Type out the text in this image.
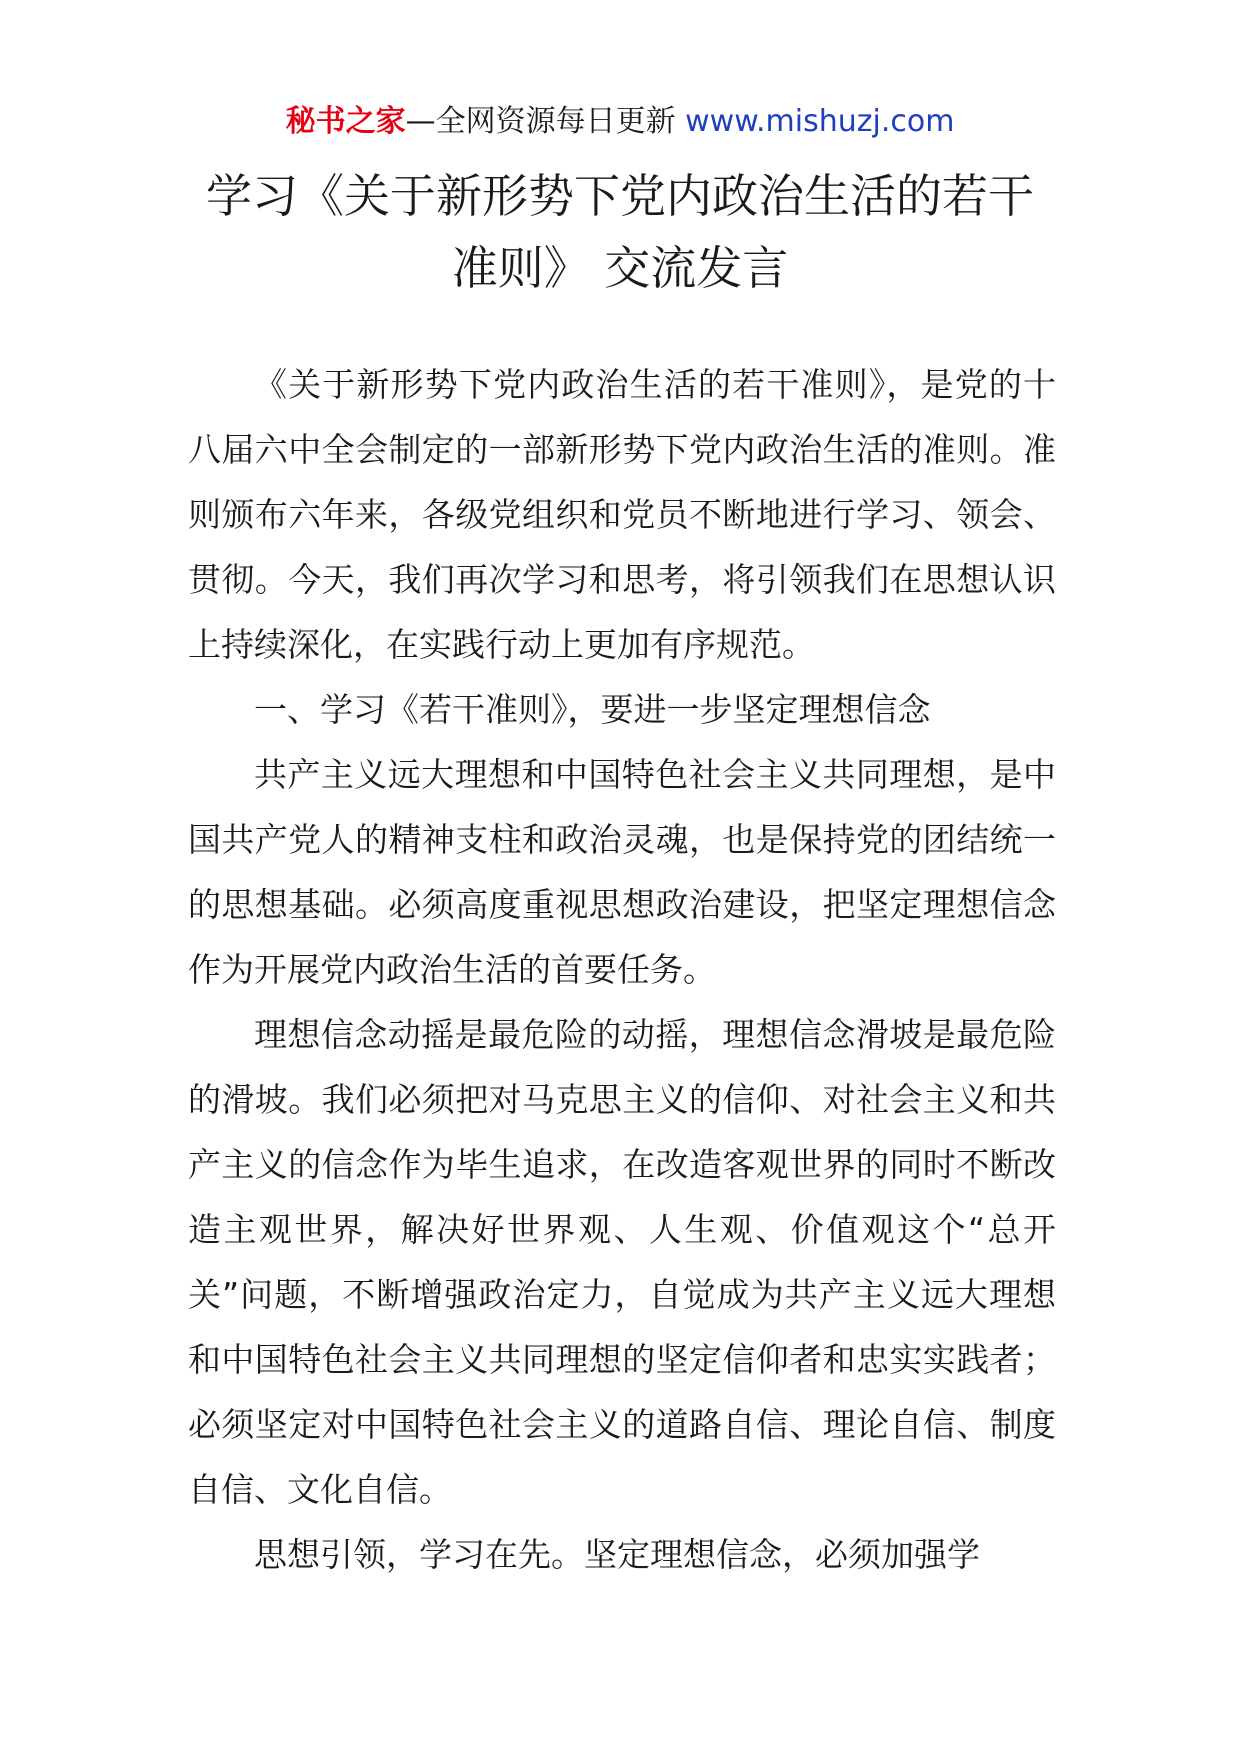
秘书之家—全网资源每日更新 www.mishuzj.com
学习《关于新形势下党内政治生活的若干
准则》 交流发言

《关于新形势下党内政治生活的若干准则》，是党的十八届六中全会制定的一部新形势下党内政治生活的准则。准则颁布六年来，各级党组织和党员不断地进行学习、领会、贯彻。今天，我们再次学习和思考，将引领我们在思想认识上持续深化，在实践行动上更加有序规范。

一、学习《若干准则》，要进一步坚定理想信念

共产主义远大理想和中国特色社会主义共同理想，是中国共产党人的精神支柱和政治灵魂，也是保持党的团结统一的思想基础。必须高度重视思想政治建设，把坚定理想信念作为开展党内政治生活的首要任务。

理想信念动摇是最危险的动摇，理想信念滑坡是最危险的滑坡。我们必须把对马克思主义的信仰、对社会主义和共产主义的信念作为毕生追求，在改造客观世界的同时不断改造主观世界，解决好世界观、人生观、价值观这个“总开关”问题，不断增强政治定力，自觉成为共产主义远大理想和中国特色社会主义共同理想的坚定信仰者和忠实实践者；必须坚定对中国特色社会主义的道路自信、理论自信、制度自信、文化自信。

思想引领，学习在先。坚定理想信念，必须加强学
